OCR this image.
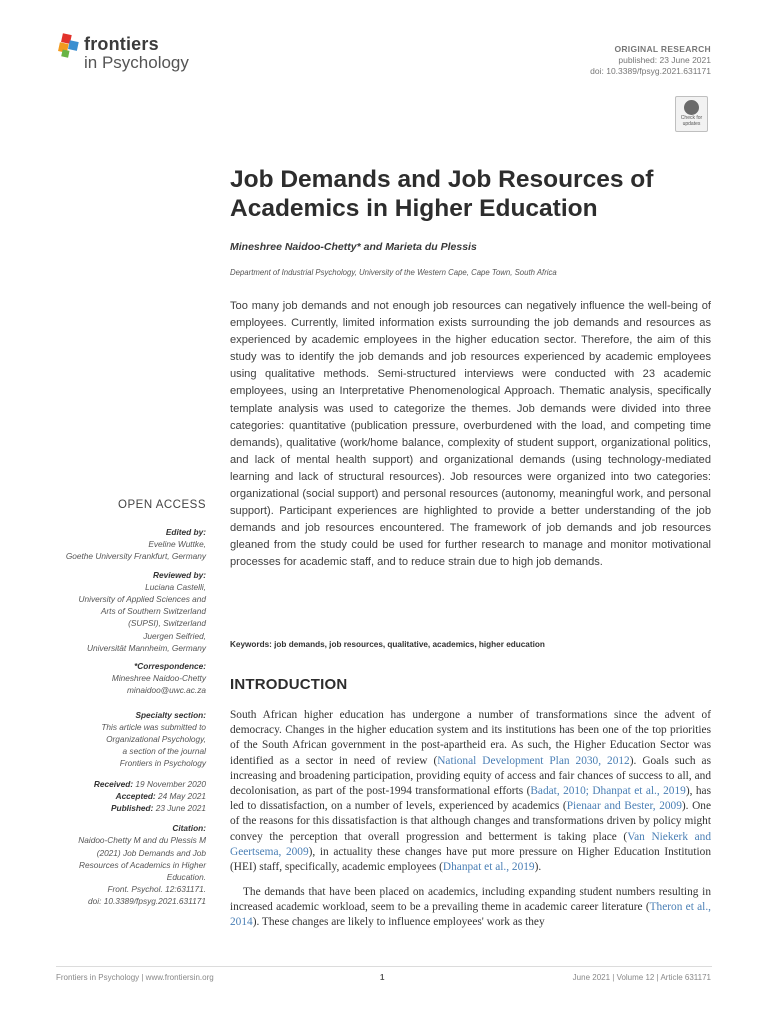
frontiers
in Psychology
ORIGINAL RESEARCH
published: 23 June 2021
doi: 10.3389/fpsyg.2021.631171
Check for
updates
Job Demands and Job Resources of
Academics in Higher Education
Mineshree Naidoo-Chetty* and Marieta du Plessis
Department of Industrial Psychology, University of the Western Cape, Cape Town, South Africa

Too many job demands and not enough job resources can negatively influence the well-being of employees. Currently, limited information exists surrounding the job demands and resources as experienced by academic employees in the higher education sector. Therefore, the aim of this study was to identify the job demands and job resources experienced by academic employees using qualitative methods. Semi-structured interviews were conducted with 23 academic employees, using an Interpretative Phenomenological Approach. Thematic analysis, specifically template analysis was used to categorize the themes. Job demands were divided into three categories: quantitative (publication pressure, overburdened with the load, and competing time demands), qualitative (work/home balance, complexity of student support, organizational politics, and lack of mental health support) and organizational demands (using technology-mediated learning and lack of structural resources). Job resources were organized into two categories: organizational (social support) and personal resources (autonomy, meaningful work, and personal support). Participant experiences are highlighted to provide a better understanding of the job demands and job resources encountered. The framework of job demands and job resources gleaned from the study could be used for further research to manage and monitor motivational processes for academic staff, and to reduce strain due to high job demands.

Keywords: job demands, job resources, qualitative, academics, higher education
INTRODUCTION

South African higher education has undergone a number of transformations since the advent of democracy. Changes in the higher education system and its institutions has been one of the top priorities of the South African government in the post-apartheid era. As such, the Higher Education Sector was identified as a sector in need of review (National Development Plan 2030, 2012). Goals such as increasing and broadening participation, providing equity of access and fair chances of success to all, and decolonisation, as part of the post-1994 transformational efforts (Badat, 2010; Dhanpat et al., 2019), has led to dissatisfaction, on a number of levels, experienced by academics (Pienaar and Bester, 2009). One of the reasons for this dissatisfaction is that although changes and transformations driven by policy might convey the perception that overall progression and betterment is taking place (Van Niekerk and Geertsema, 2009), in actuality these changes have put more pressure on Higher Education Institution (HEI) staff, specifically, academic employees (Dhanpat et al., 2019).

The demands that have been placed on academics, including expanding student numbers resulting in increased academic workload, seem to be a prevailing theme in academic career literature (Theron et al., 2014). These changes are likely to influence employees' work as they

OPEN ACCESS
Edited by:
Eveline Wuttke,
Goethe University Frankfurt, Germany
Reviewed by:
Luciana Castelli,
University of Applied Sciences and
Arts of Southern Switzerland
(SUPSI), Switzerland
Juergen Seifried,
Universität Mannheim, Germany
*Correspondence:
Mineshree Naidoo-Chetty
minaidoo@uwc.ac.za
Specialty section:
This article was submitted to
Organizational Psychology,
a section of the journal
Frontiers in Psychology
Received: 19 November 2020
Accepted: 24 May 2021
Published: 23 June 2021
Citation:
Naidoo-Chetty M and du Plessis M
(2021) Job Demands and Job
Resources of Academics in Higher
Education.
Front. Psychol. 12:631171.
doi: 10.3389/fpsyg.2021.631171
Frontiers in Psychology | www.frontiersin.org	1	June 2021 | Volume 12 | Article 631171
